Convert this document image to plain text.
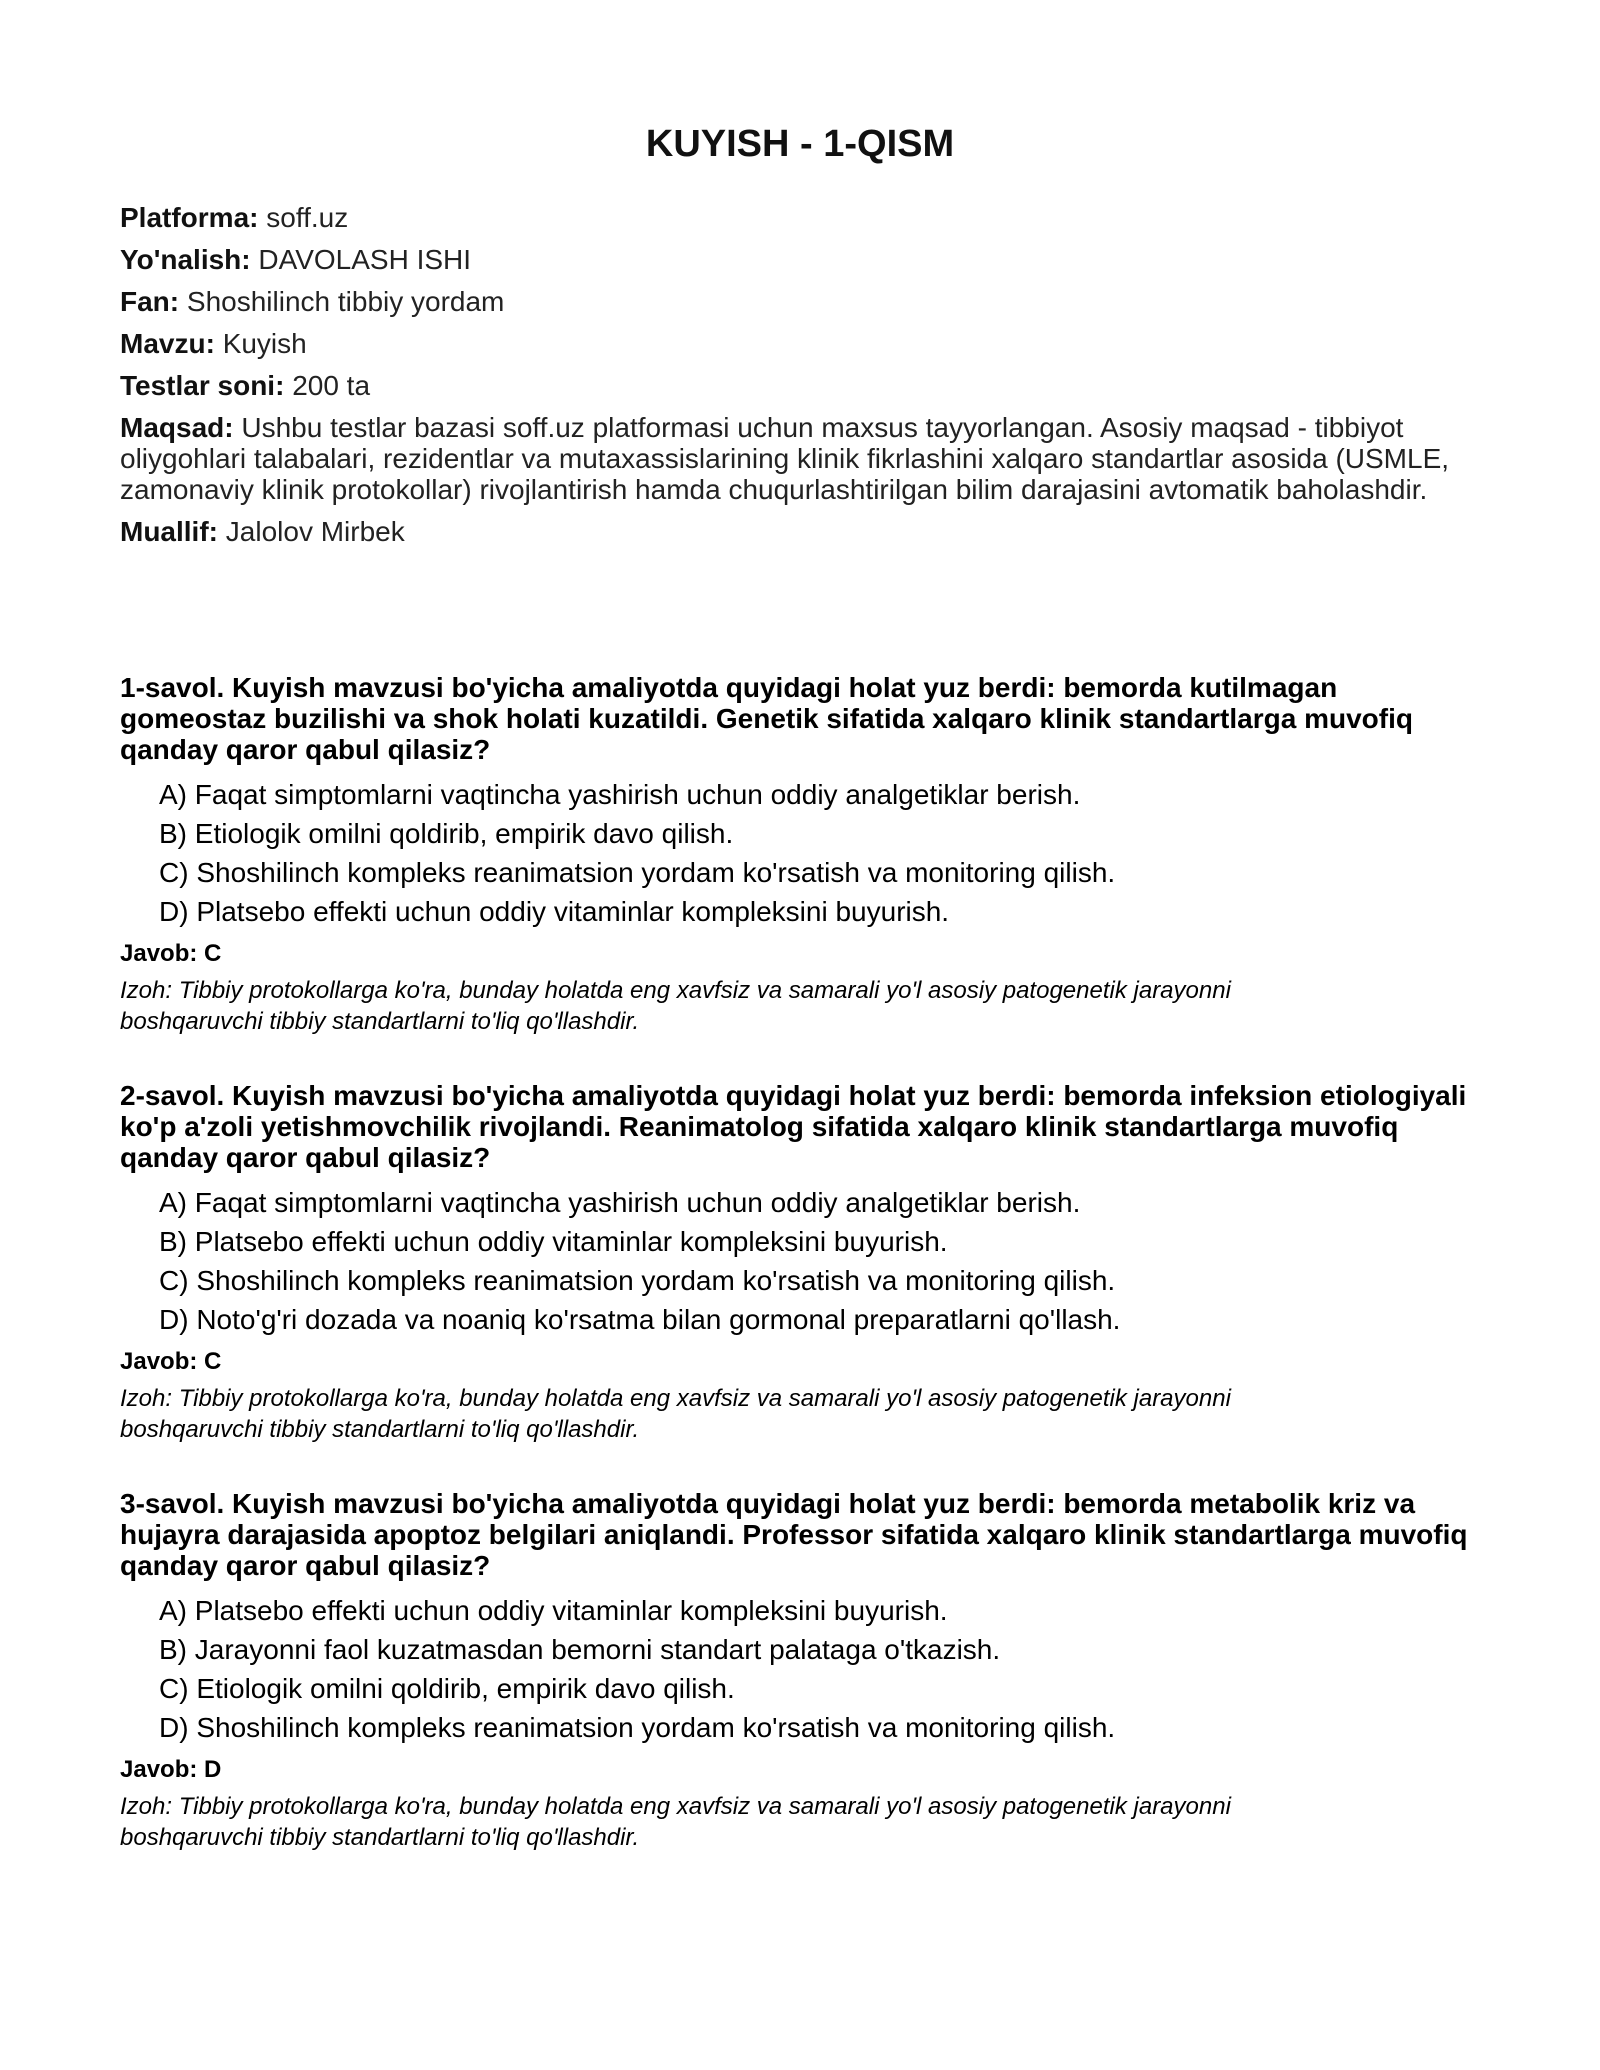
KUYISH - 1-QISM
Platforma: soff.uz
Yo'nalish: DAVOLASH ISHI
Fan: Shoshilinch tibbiy yordam
Mavzu: Kuyish
Testlar soni: 200 ta
Maqsad: Ushbu testlar bazasi soff.uz platformasi uchun maxsus tayyorlangan. Asosiy maqsad - tibbiyot oliygohlari talabalari, rezidentlar va mutaxassislarining klinik fikrlashini xalqaro standartlar asosida (USMLE, zamonaviy klinik protokollar) rivojlantirish hamda chuqurlashtirilgan bilim darajasini avtomatik baholashdir.
Muallif: Jalolov Mirbek

1-savol. Kuyish mavzusi bo'yicha amaliyotda quyidagi holat yuz berdi: bemorda kutilmagan gomeostaz buzilishi va shok holati kuzatildi. Genetik sifatida xalqaro klinik standartlarga muvofiq qanday qaror qabul qilasiz?

A) Faqat simptomlarni vaqtincha yashirish uchun oddiy analgetiklar berish.
B) Etiologik omilni qoldirib, empirik davo qilish.
C) Shoshilinch kompleks reanimatsion yordam ko'rsatish va monitoring qilish.
D) Platsebo effekti uchun oddiy vitaminlar kompleksini buyurish.

Javob: C

Izoh: Tibbiy protokollarga ko'ra, bunday holatda eng xavfsiz va samarali yo'l asosiy patogenetik jarayonni boshqaruvchi tibbiy standartlarni to'liq qo'llashdir.

2-savol. Kuyish mavzusi bo'yicha amaliyotda quyidagi holat yuz berdi: bemorda infeksion etiologiyali ko'p a'zoli yetishmovchilik rivojlandi. Reanimatolog sifatida xalqaro klinik standartlarga muvofiq qanday qaror qabul qilasiz?

A) Faqat simptomlarni vaqtincha yashirish uchun oddiy analgetiklar berish.
B) Platsebo effekti uchun oddiy vitaminlar kompleksini buyurish.
C) Shoshilinch kompleks reanimatsion yordam ko'rsatish va monitoring qilish.
D) Noto'g'ri dozada va noaniq ko'rsatma bilan gormonal preparatlarni qo'llash.

Javob: C

Izoh: Tibbiy protokollarga ko'ra, bunday holatda eng xavfsiz va samarali yo'l asosiy patogenetik jarayonni boshqaruvchi tibbiy standartlarni to'liq qo'llashdir.

3-savol. Kuyish mavzusi bo'yicha amaliyotda quyidagi holat yuz berdi: bemorda metabolik kriz va hujayra darajasida apoptoz belgilari aniqlandi. Professor sifatida xalqaro klinik standartlarga muvofiq qanday qaror qabul qilasiz?

A) Platsebo effekti uchun oddiy vitaminlar kompleksini buyurish.
B) Jarayonni faol kuzatmasdan bemorni standart palataga o'tkazish.
C) Etiologik omilni qoldirib, empirik davo qilish.
D) Shoshilinch kompleks reanimatsion yordam ko'rsatish va monitoring qilish.

Javob: D

Izoh: Tibbiy protokollarga ko'ra, bunday holatda eng xavfsiz va samarali yo'l asosiy patogenetik jarayonni boshqaruvchi tibbiy standartlarni to'liq qo'llashdir.
